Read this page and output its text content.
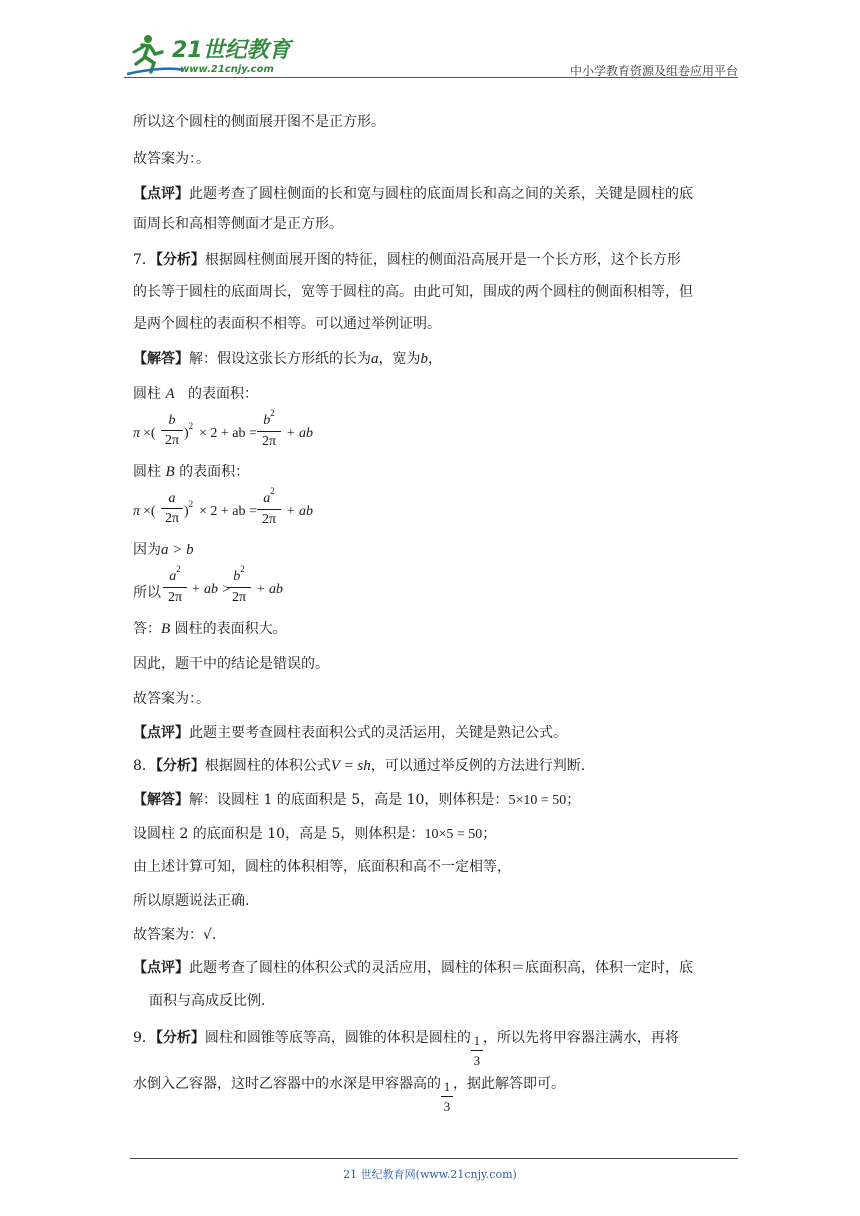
21世纪教育
www.21cnjy.com	中小学教育资源及组卷应用平台
所以这个圆柱的侧面展开图不是正方形。
故答案为：。
【点评】此题考查了圆柱侧面的长和宽与圆柱的底面周长和高之间的关系，关键是圆柱的底
面周长和高相等侧面才是正方形。
7．【分析】根据圆柱侧面展开图的特征，圆柱的侧面沿高展开是一个长方形，这个长方形
的长等于圆柱的底面周长，宽等于圆柱的高。由此可知，围成的两个圆柱的侧面积相等，但
是两个圆柱的表面积不相等。可以通过举例证明。
【解答】解：假设这张长方形纸的长为a，宽为b，
圆柱 A 的表面积：
π ×(
b
2π )$^2$ × 2 + ab =
$b^2$
2π
+ ab
圆柱 B 的表面积：
π ×(
a
2π )$^2$ × 2 + ab =
$a^2$
2π
+ ab
因为a > b
所以
$a^2$
2π
+ ab >
$b^2$
2π
+ ab
答：B 圆柱的表面积大。
因此，题干中的结论是错误的。
故答案为：。
【点评】此题主要考查圆柱表面积公式的灵活运用，关键是熟记公式。
8．【分析】根据圆柱的体积公式V = sh，可以通过举反例的方法进行判断.
【解答】解：设圆柱 1 的底面积是 5，高是 10，则体积是：5×10 = 50；
设圆柱 2 的底面积是 10，高是 5，则体积是：10×5 = 50；
由上述计算可知，圆柱的体积相等，底面积和高不一定相等，
所以原题说法正确.
故答案为：√.
【点评】此题考查了圆柱的体积公式的灵活应用，圆柱的体积＝底面积高，体积一定时，底
面积与高成反比例.
9．【分析】圆柱和圆锥等底等高，圆锥的体积是圆柱的 1
3
，所以先将甲容器注满水，再将
水倒入乙容器，这时乙容器中的水深是甲容器高的 1
3
，据此解答即可。
21 世纪教育网(www.21cnjy.com)
